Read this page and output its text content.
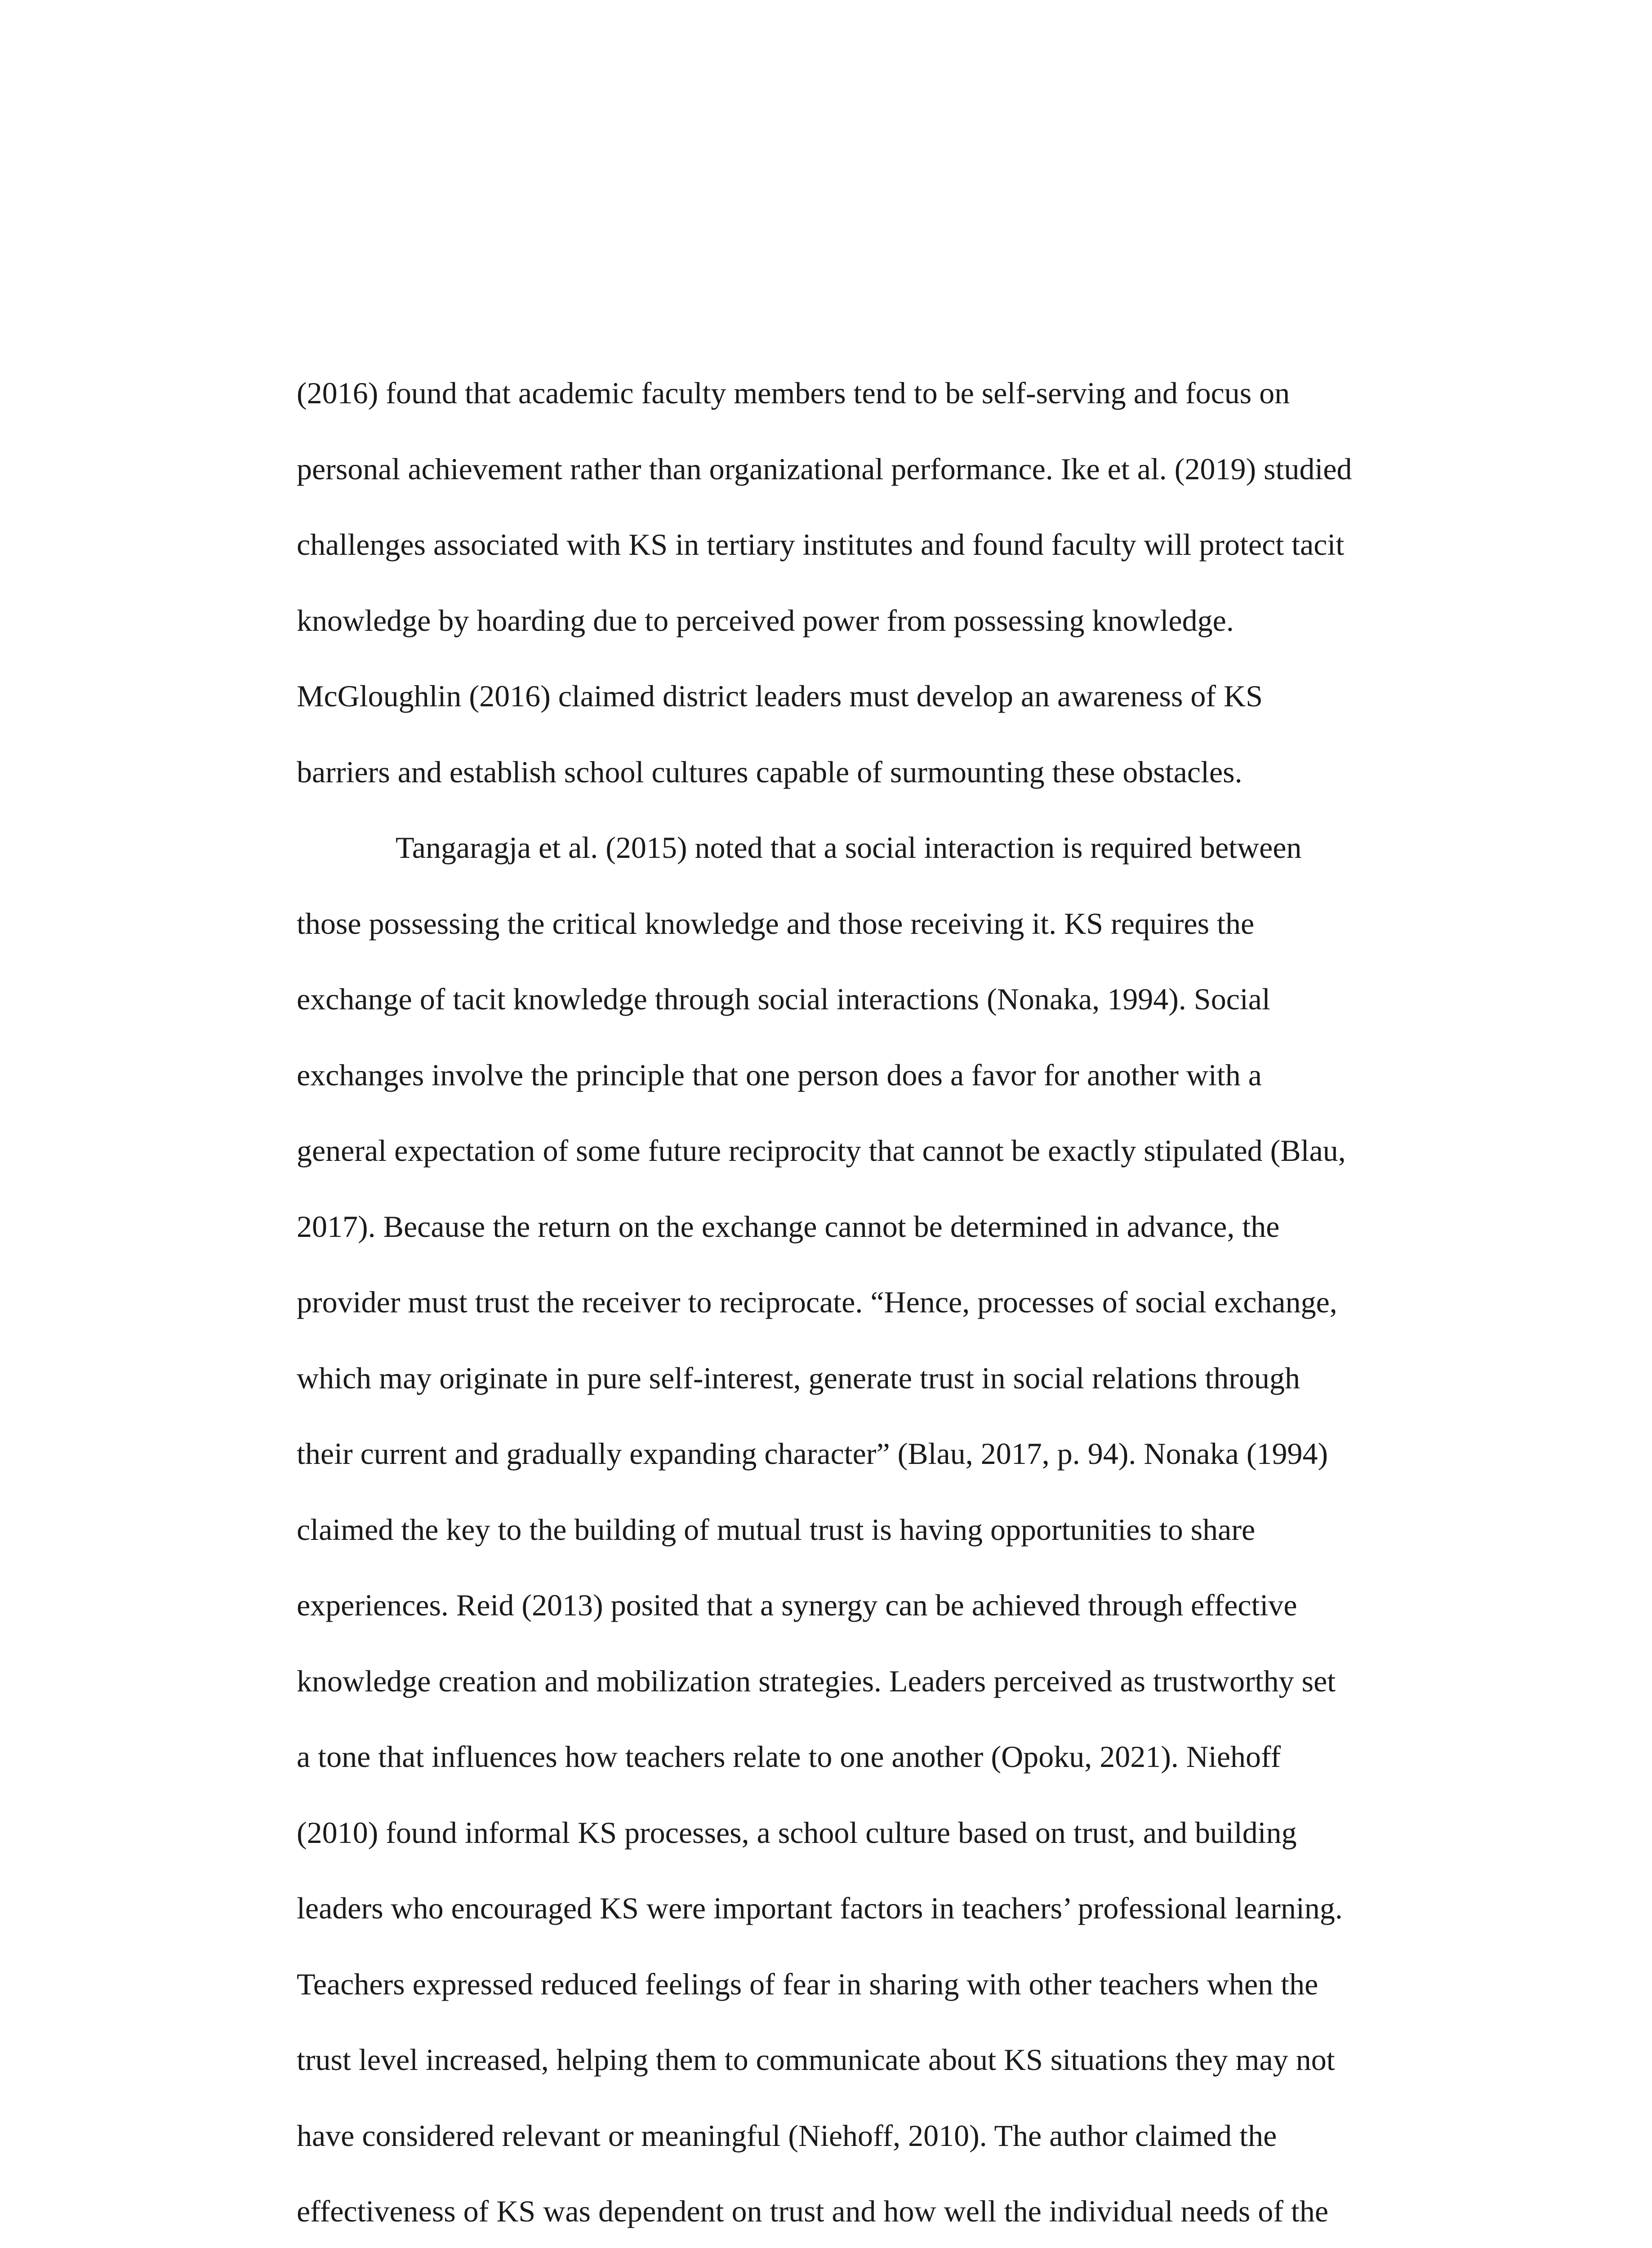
(2016) found that academic faculty members tend to be self-serving and focus on
personal achievement rather than organizational performance. Ike et al. (2019) studied
challenges associated with KS in tertiary institutes and found faculty will protect tacit
knowledge by hoarding due to perceived power from possessing knowledge.
McGloughlin (2016) claimed district leaders must develop an awareness of KS
barriers and establish school cultures capable of surmounting these obstacles.
Tangaragja et al. (2015) noted that a social interaction is required between
those possessing the critical knowledge and those receiving it. KS requires the
exchange of tacit knowledge through social interactions (Nonaka, 1994). Social
exchanges involve the principle that one person does a favor for another with a
general expectation of some future reciprocity that cannot be exactly stipulated (Blau,
2017). Because the return on the exchange cannot be determined in advance, the
provider must trust the receiver to reciprocate. “Hence, processes of social exchange,
which may originate in pure self-interest, generate trust in social relations through
their current and gradually expanding character” (Blau, 2017, p. 94). Nonaka (1994)
claimed the key to the building of mutual trust is having opportunities to share
experiences. Reid (2013) posited that a synergy can be achieved through effective
knowledge creation and mobilization strategies. Leaders perceived as trustworthy set
a tone that influences how teachers relate to one another (Opoku, 2021). Niehoff
(2010) found informal KS processes, a school culture based on trust, and building
leaders who encouraged KS were important factors in teachers’ professional learning.
Teachers expressed reduced feelings of fear in sharing with other teachers when the
trust level increased, helping them to communicate about KS situations they may not
have considered relevant or meaningful (Niehoff, 2010). The author claimed the
effectiveness of KS was dependent on trust and how well the individual needs of the
